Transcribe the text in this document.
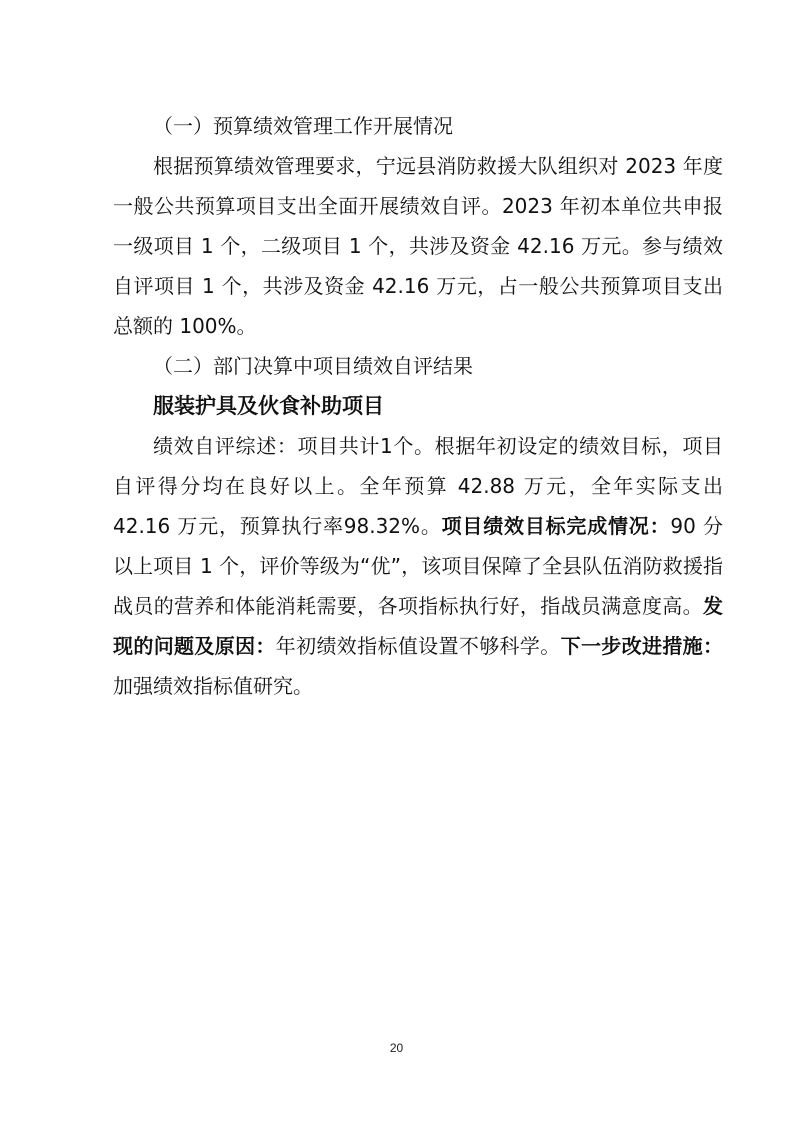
（一）预算绩效管理工作开展情况

根据预算绩效管理要求，宁远县消防救援大队组织对 2023 年度一般公共预算项目支出全面开展绩效自评。2023 年初本单位共申报一级项目 1 个，二级项目 1 个，共涉及资金 42.16 万元。参与绩效自评项目 1 个，共涉及资金 42.16 万元，占一般公共预算项目支出总额的 100%。

（二）部门决算中项目绩效自评结果

服装护具及伙食补助项目

绩效自评综述：项目共计1个。根据年初设定的绩效目标，项目自评得分均在良好以上。全年预算 42.88 万元，全年实际支出 42.16 万元，预算执行率98.32%。项目绩效目标完成情况：90 分以上项目 1 个，评价等级为“优”，该项目保障了全县队伍消防救援指战员的营养和体能消耗需要，各项指标执行好，指战员满意度高。发现的问题及原因：年初绩效指标值设置不够科学。下一步改进措施： 加强绩效指标值研究。

20
